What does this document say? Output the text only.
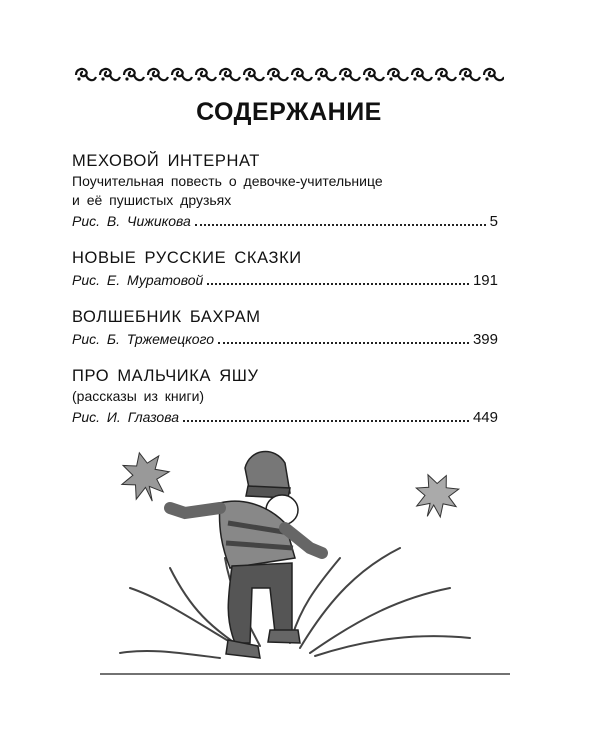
СОДЕРЖАНИЕ
МЕХОВОЙ ИНТЕРНАТ
Поучительная повесть о девочке-учительнице
и её пушистых друзьях
Рис. В. Чижикова	5
НОВЫЕ РУССКИЕ СКАЗКИ
Рис. Е. Муратовой	191
ВОЛШЕБНИК БАХРАМ
Рис. Б. Тржемецкого	399
ПРО МАЛЬЧИКА ЯШУ
(рассказы из книги)
Рис. И. Глазова	449
